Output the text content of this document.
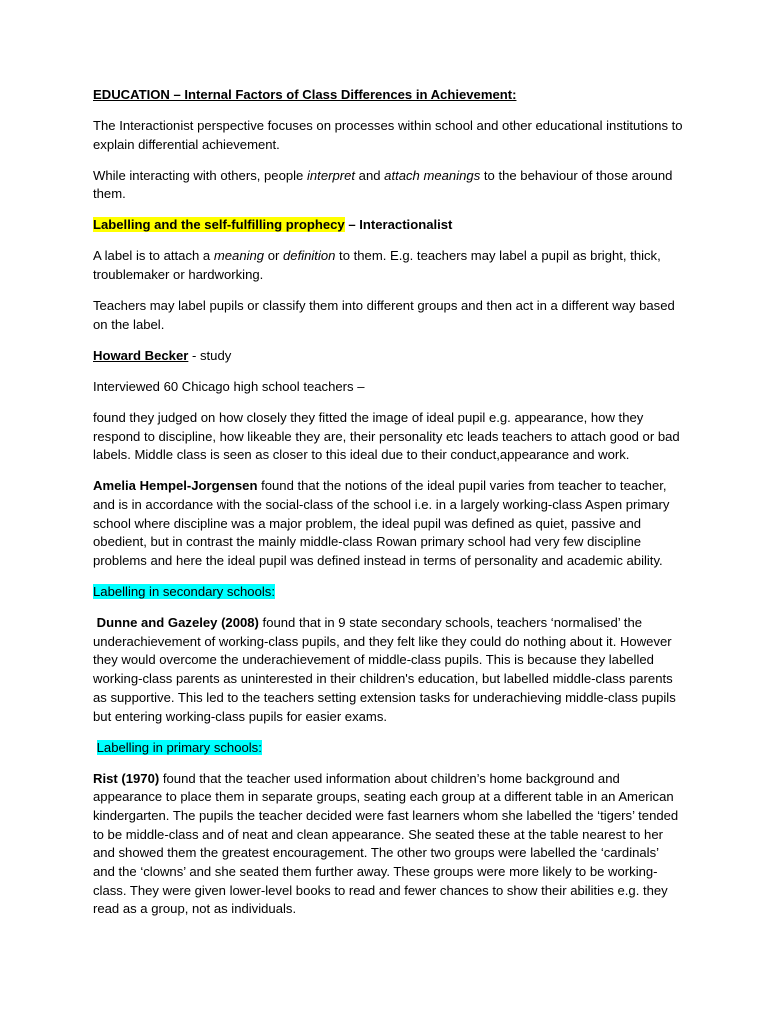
EDUCATION – Internal Factors of Class Differences in Achievement:

The Interactionist perspective focuses on processes within school and other educational institutions to explain differential achievement.

While interacting with others, people interpret and attach meanings to the behaviour of those around them.

Labelling and the self-fulfilling prophecy – Interactionalist

A label is to attach a meaning or definition to them. E.g. teachers may label a pupil as bright, thick, troublemaker or hardworking.

Teachers may label pupils or classify them into different groups and then act in a different way based on the label.

Howard Becker - study

Interviewed 60 Chicago high school teachers –

found they judged on how closely they fitted the image of ideal pupil e.g. appearance, how they respond to discipline, how likeable they are, their personality etc leads teachers to attach good or bad labels. Middle class is seen as closer to this ideal due to their conduct,appearance and work.

Amelia Hempel-Jorgensen found that the notions of the ideal pupil varies from teacher to teacher, and is in accordance with the social-class of the school i.e. in a largely working-class Aspen primary school where discipline was a major problem, the ideal pupil was defined as quiet, passive and obedient, but in contrast the mainly middle-class Rowan primary school had very few discipline problems and here the ideal pupil was defined instead in terms of personality and academic ability.

Labelling in secondary schools:

Dunne and Gazeley (2008) found that in 9 state secondary schools, teachers ‘normalised’ the underachievement of working-class pupils, and they felt like they could do nothing about it. However they would overcome the underachievement of middle-class pupils. This is because they labelled working-class parents as uninterested in their children's education, but labelled middle-class parents as supportive. This led to the teachers setting extension tasks for underachieving middle-class pupils but entering working-class pupils for easier exams.

Labelling in primary schools:

Rist (1970) found that the teacher used information about children’s home background and appearance to place them in separate groups, seating each group at a different table in an American kindergarten. The pupils the teacher decided were fast learners whom she labelled the ‘tigers’ tended to be middle-class and of neat and clean appearance. She seated these at the table nearest to her and showed them the greatest encouragement. The other two groups were labelled the ‘cardinals’ and the ‘clowns’ and she seated them further away. These groups were more likely to be working-class. They were given lower-level books to read and fewer chances to show their abilities e.g. they read as a group, not as individuals.
